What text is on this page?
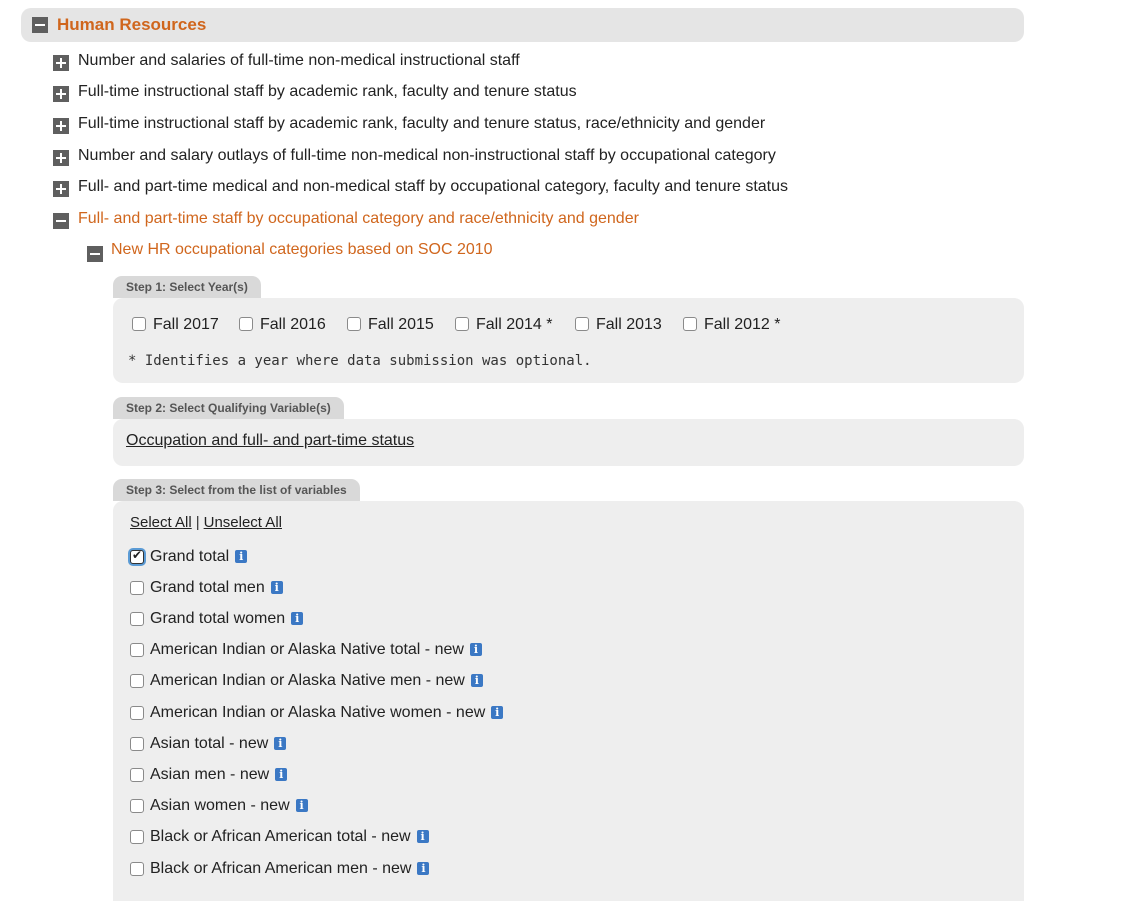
Human Resources
Number and salaries of full-time non-medical instructional staff
Full-time instructional staff by academic rank, faculty and tenure status
Full-time instructional staff by academic rank, faculty and tenure status, race/ethnicity and gender
Number and salary outlays of full-time non-medical non-instructional staff by occupational category
Full- and part-time medical and non-medical staff by occupational category, faculty and tenure status
Full- and part-time staff by occupational category and race/ethnicity and gender
New HR occupational categories based on SOC 2010
Step 1: Select Year(s)
Fall 2017	Fall 2016	Fall 2015	Fall 2014 *	Fall 2013	Fall 2012 *
* Identifies a year where data submission was optional.
Step 2: Select Qualifying Variable(s)
Occupation and full- and part-time status
Step 3: Select from the list of variables
Select All | Unselect All
✔
Grand total i
Grand total men i
Grand total women i
American Indian or Alaska Native total - new i
American Indian or Alaska Native men - new i
American Indian or Alaska Native women - new i
Asian total - new i
Asian men - new i
Asian women - new i
Black or African American total - new i
Black or African American men - new i
